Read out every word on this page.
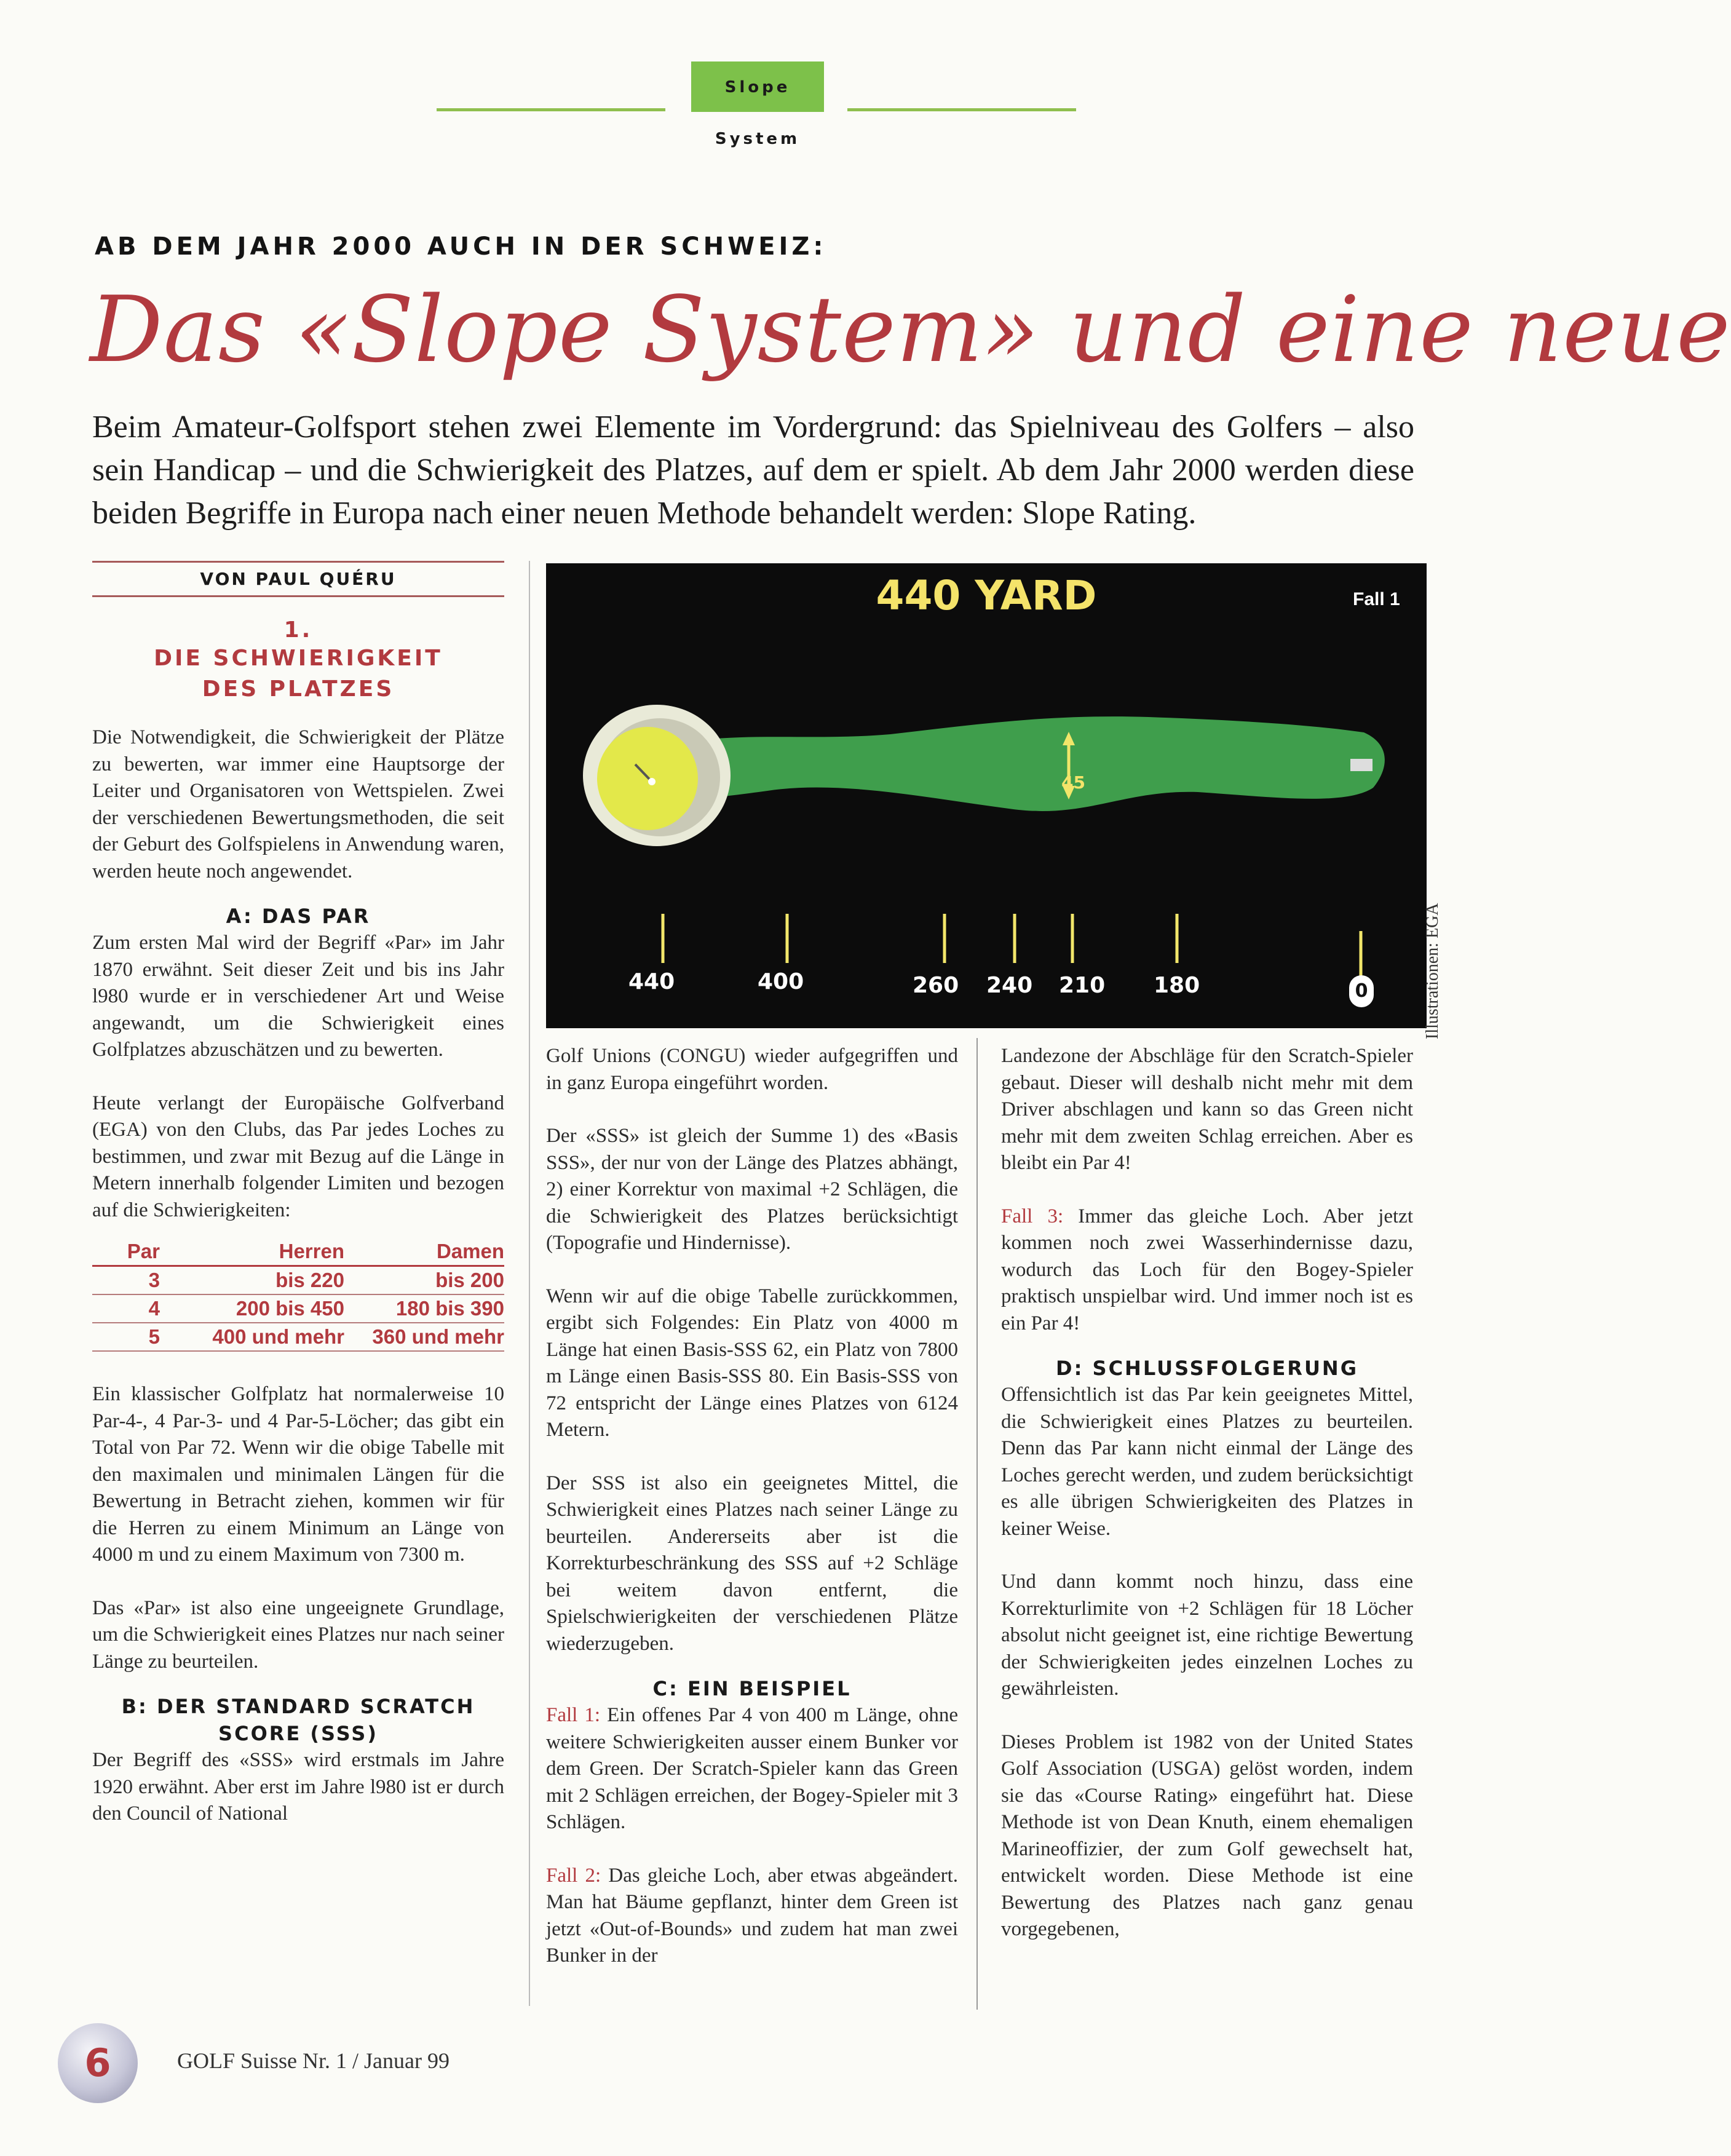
Slope System
AB DEM JAHR 2000 AUCH IN DER SCHWEIZ:
Das «Slope System» und eine neue
Beim Amateur-Golfsport stehen zwei Elemente im Vordergrund: das Spielniveau des Golfers – also sein Handicap – und die Schwierigkeit des Platzes, auf dem er spielt. Ab dem Jahr 2000 werden diese beiden Begriffe in Europa nach einer neuen Methode behandelt werden: Slope Rating.
VON PAUL QUÉRU
1.
DIE SCHWIERIGKEIT DES PLATZES

Die Notwendigkeit, die Schwierigkeit der Plätze zu bewerten, war immer eine Hauptsorge der Leiter und Organisatoren von Wettspielen. Zwei der verschiedenen Bewertungsmethoden, die seit der Geburt des Golfspielens in Anwendung waren, werden heute noch angewendet.

A: DAS PAR

Zum ersten Mal wird der Begriff «Par» im Jahr 1870 erwähnt. Seit dieser Zeit und bis ins Jahr l980 wurde er in verschiedener Art und Weise angewandt, um die Schwierigkeit eines Golfplatzes abzuschätzen und zu bewerten.

Heute verlangt der Europäische Golfverband (EGA) von den Clubs, das Par jedes Loches zu bestimmen, und zwar mit Bezug auf die Länge in Metern innerhalb folgender Limiten und bezogen auf die Schwierigkeiten:

Par	Herren	Damen
3	bis 220	bis 200
4	200 bis 450	180 bis 390
5	400 und mehr	360 und mehr

Ein klassischer Golfplatz hat normalerweise 10 Par-4-, 4 Par-3- und 4 Par-5-Löcher; das gibt ein Total von Par 72. Wenn wir die obige Tabelle mit den maximalen und minimalen Längen für die Bewertung in Betracht ziehen, kommen wir für die Herren zu einem Minimum an Länge von 4000 m und zu einem Maximum von 7300 m.

Das «Par» ist also eine ungeeignete Grundlage, um die Schwierigkeit eines Platzes nur nach seiner Länge zu beurteilen.

B: DER STANDARD SCRATCH SCORE (SSS)

Der Begriff des «SSS» wird erstmals im Jahre 1920 erwähnt. Aber erst im Jahre l980 ist er durch den Council of National

440 YARD	Fall 1
45
440	400	260 240 210 180	0	Illustrationen: EGA

Golf Unions (CONGU) wieder aufgegriffen und in ganz Europa eingeführt worden.

Der «SSS» ist gleich der Summe 1) des «Basis SSS», der nur von der Länge des Platzes abhängt, 2) einer Korrektur von maximal +2 Schlägen, die die Schwierigkeit des Platzes berücksichtigt (Topografie und Hindernisse).

Wenn wir auf die obige Tabelle zurückkommen, ergibt sich Folgendes: Ein Platz von 4000 m Länge hat einen Basis-SSS 62, ein Platz von 7800 m Länge einen Basis-SSS 80. Ein Basis-SSS von 72 entspricht der Länge eines Platzes von 6124 Metern.

Der SSS ist also ein geeignetes Mittel, die Schwierigkeit eines Platzes nach seiner Länge zu beurteilen. Andererseits aber ist die Korrekturbeschränkung des SSS auf +2 Schläge bei weitem davon entfernt, die Spielschwierigkeiten der verschiedenen Plätze wiederzugeben.

C: EIN BEISPIEL

Fall 1: Ein offenes Par 4 von 400 m Länge, ohne weitere Schwierigkeiten ausser einem Bunker vor dem Green. Der Scratch-Spieler kann das Green mit 2 Schlägen erreichen, der Bogey-Spieler mit 3 Schlägen.

Fall 2: Das gleiche Loch, aber etwas abgeändert. Man hat Bäume gepflanzt, hinter dem Green ist jetzt «Out-of-Bounds» und zudem hat man zwei Bunker in der

Landezone der Abschläge für den Scratch-Spieler gebaut. Dieser will deshalb nicht mehr mit dem Driver abschlagen und kann so das Green nicht mehr mit dem zweiten Schlag erreichen. Aber es bleibt ein Par 4!

Fall 3: Immer das gleiche Loch. Aber jetzt kommen noch zwei Wasserhindernisse dazu, wodurch das Loch für den Bogey-Spieler praktisch unspielbar wird. Und immer noch ist es ein Par 4!

D: SCHLUSSFOLGERUNG

Offensichtlich ist das Par kein geeignetes Mittel, die Schwierigkeit eines Platzes zu beurteilen. Denn das Par kann nicht einmal der Länge des Loches gerecht werden, und zudem berücksichtigt es alle übrigen Schwierigkeiten des Platzes in keiner Weise.

Und dann kommt noch hinzu, dass eine Korrekturlimite von +2 Schlägen für 18 Löcher absolut nicht geeignet ist, eine richtige Bewertung der Schwierigkeiten jedes einzelnen Loches zu gewährleisten.

Dieses Problem ist 1982 von der United States Golf Association (USGA) gelöst worden, indem sie das «Course Rating» eingeführt hat. Diese Methode ist von Dean Knuth, einem ehemaligen Marineoffizier, der zum Golf gewechselt hat, entwickelt worden. Diese Methode ist eine Bewertung des Platzes nach ganz genau vorgegebenen,

6	GOLF Suisse Nr. 1 / Januar 99
